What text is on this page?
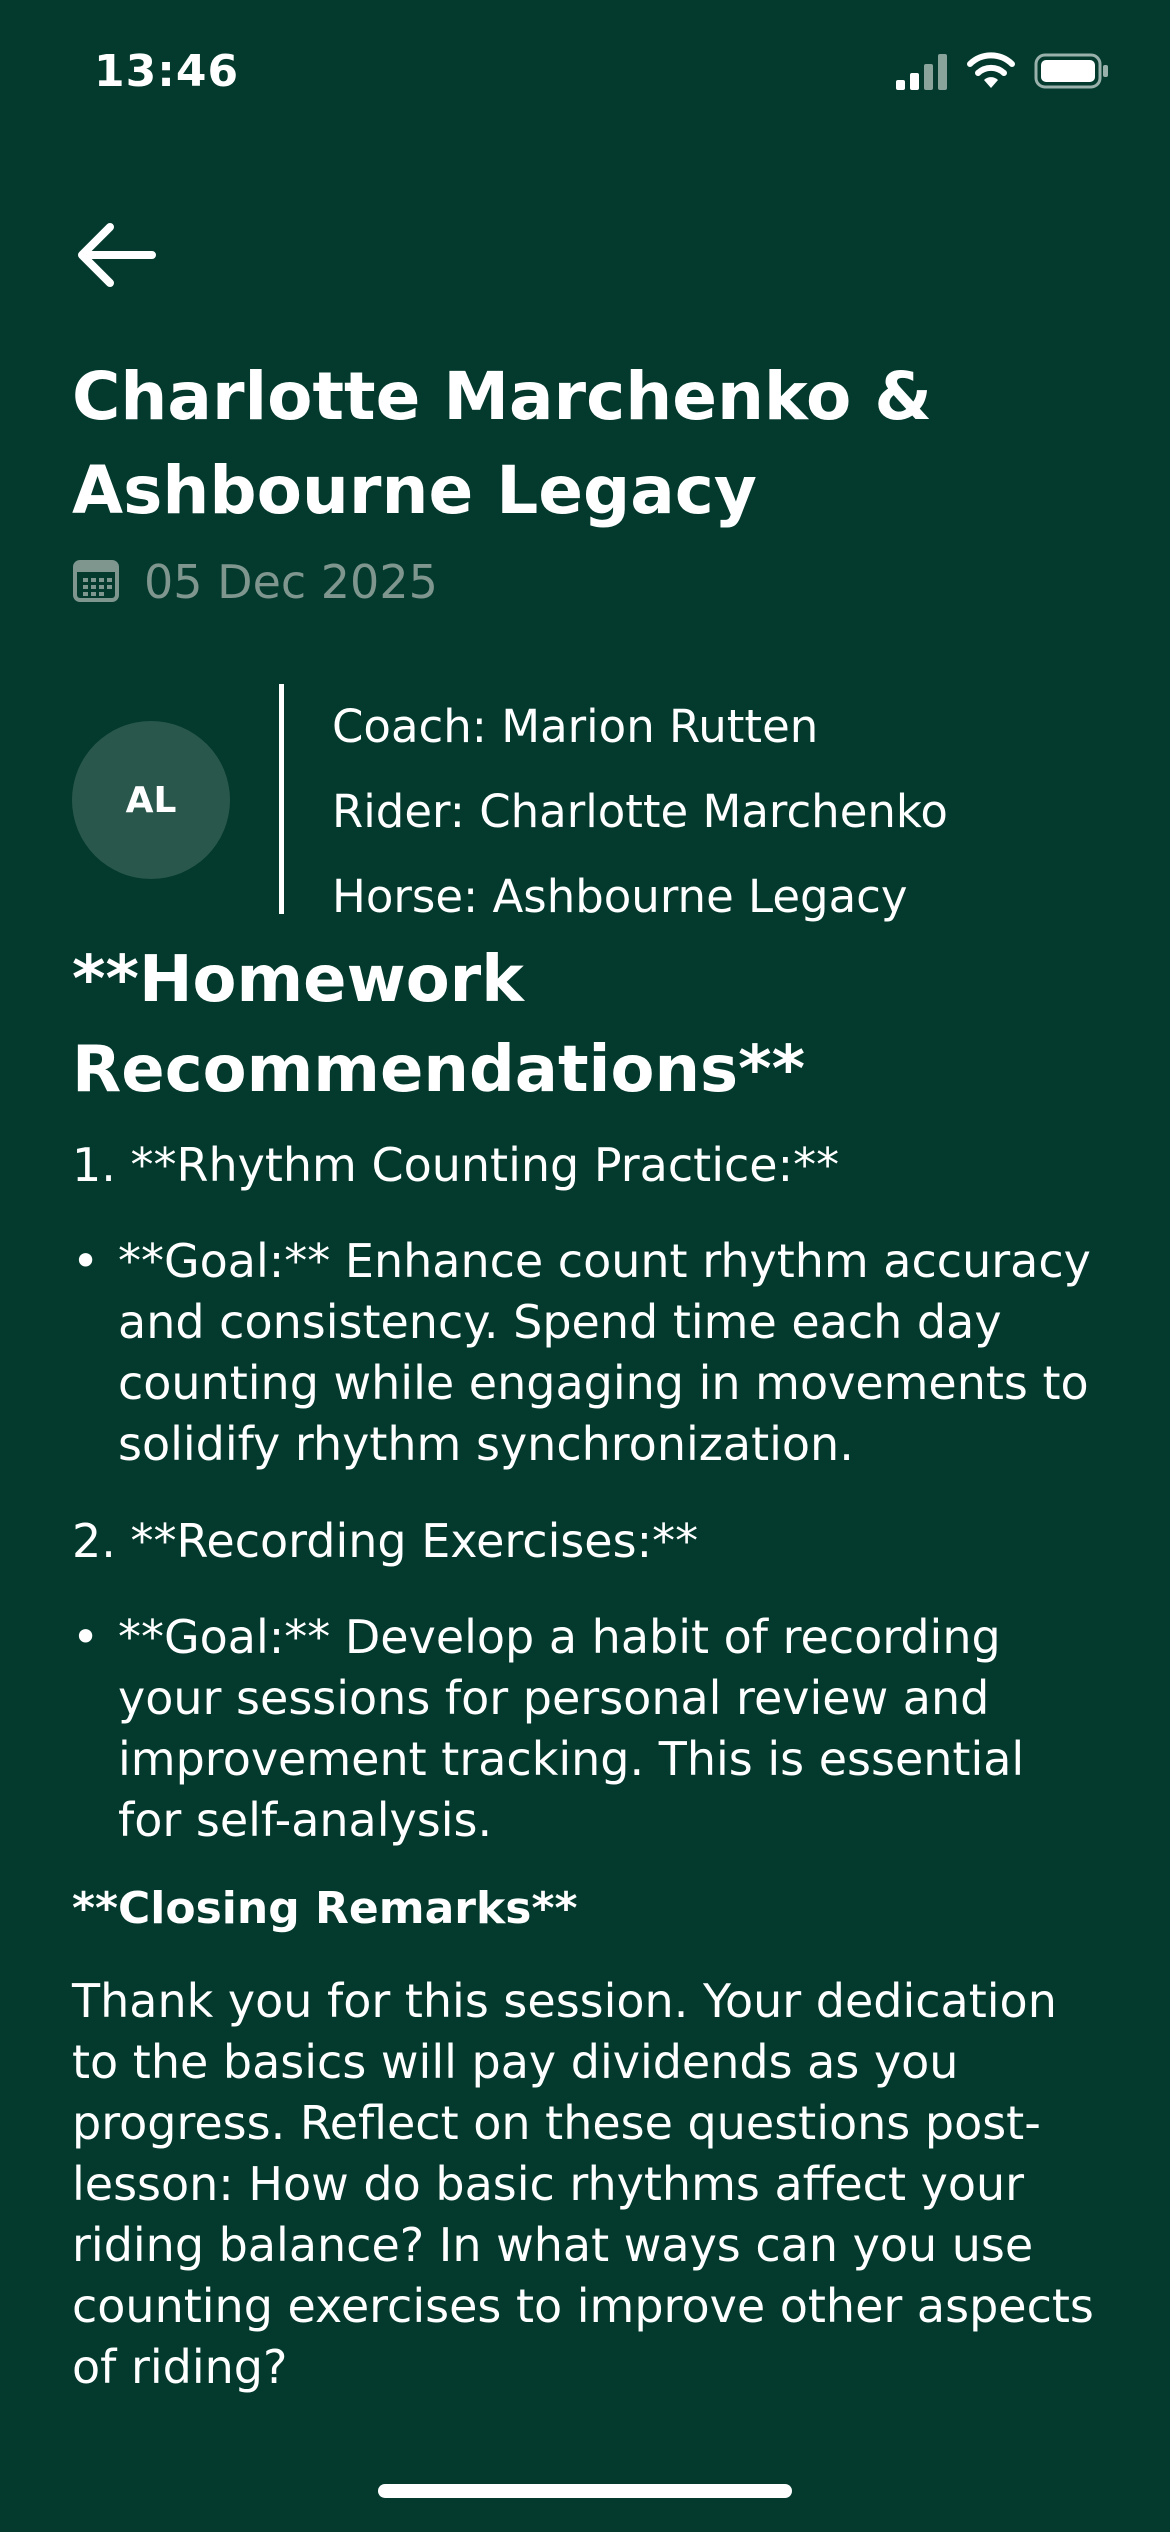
13:46
Charlotte Marchenko & Ashbourne Legacy
05 Dec 2025
AL
Coach: Marion Rutten
Rider: Charlotte Marchenko
Horse: Ashbourne Legacy
**Homework Recommendations**
1. **Rhythm Counting Practice:**
• **Goal:** Enhance count rhythm accuracy and consistency. Spend time each day counting while engaging in movements to solidify rhythm synchronization.
2. **Recording Exercises:**
• **Goal:** Develop a habit of recording your sessions for personal review and improvement tracking. This is essential for self-analysis.
**Closing Remarks**
Thank you for this session. Your dedication to the basics will pay dividends as you progress. Reflect on these questions post-lesson: How do basic rhythms affect your riding balance? In what ways can you use counting exercises to improve other aspects of riding?
